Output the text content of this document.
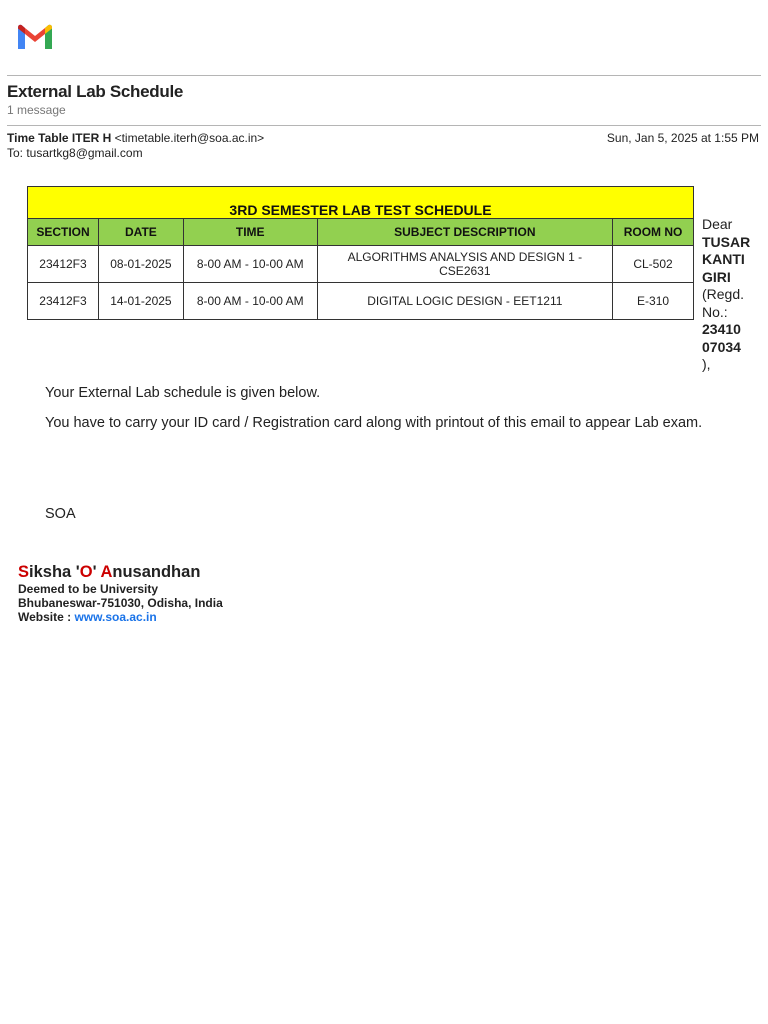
External Lab Schedule
1 message
Time Table ITER H <timetable.iterh@soa.ac.in>	Sun, Jan 5, 2025 at 1:55 PM
To: tusartkg8@gmail.com
3RD SEMESTER LAB TEST SCHEDULE				
SECTION	DATE	TIME	SUBJECT DESCRIPTION	ROOM NO
23412F3	08-01-2025	8-00 AM - 10-00 AM	ALGORITHMS ANALYSIS AND DESIGN 1 - CSE2631	CL-502
23412F3	14-01-2025	8-00 AM - 10-00 AM	DIGITAL LOGIC DESIGN - EET1211	E-310
Dear
TUSAR
KANTI
GIRI
(Regd.
No.:
23410
07034
),
Your External Lab schedule is given below.
You have to carry your ID card / Registration card along with printout of this email to appear Lab exam.
SOA
Siksha 'O' Anusandhan
Deemed to be University
Bhubaneswar-751030, Odisha, India
Website : www.soa.ac.in
